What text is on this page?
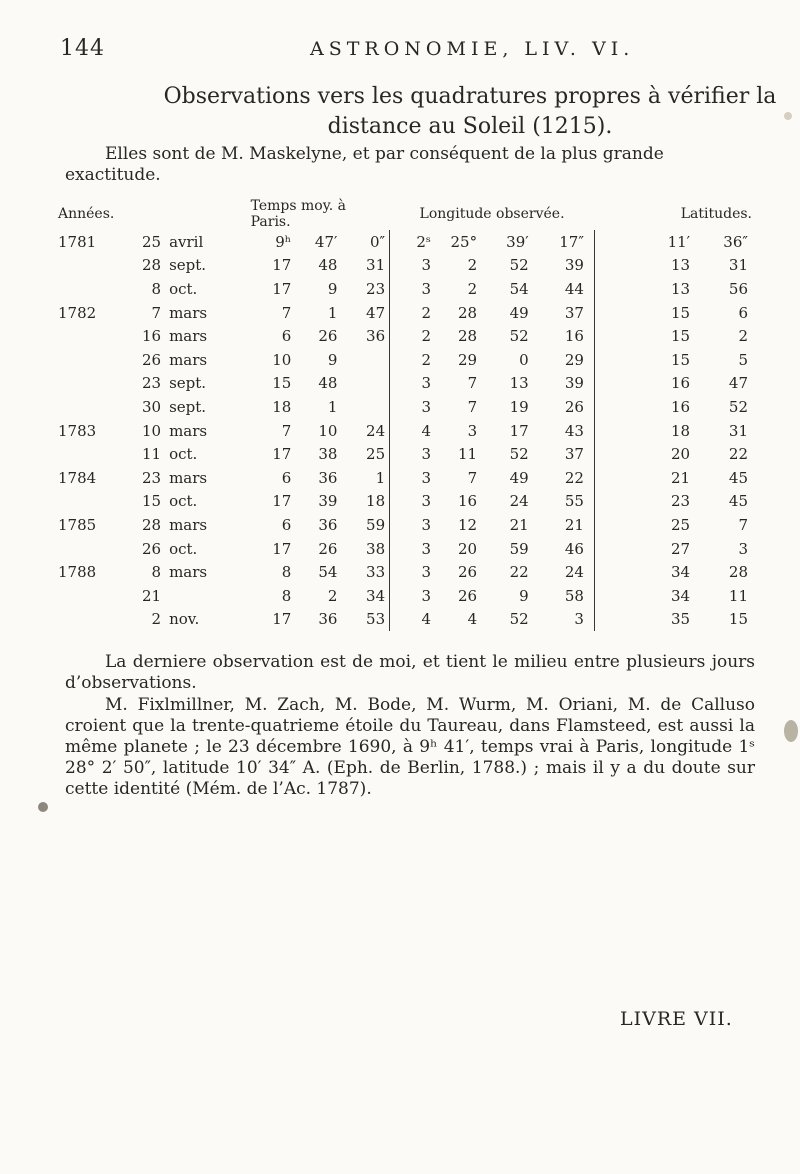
144	ASTRONOMIE, LIV. VI.
Observations vers les quadratures propres à vérifier la distance au Soleil (1215).
Elles sont de M. Maskelyne, et par conséquent de la plus grande exactitude.
Années.			Temps moy. à Paris.			Longitude observée.				Latitudes.	
1781	25	avril	9ʰ	47′	0″	2ˢ	25°	39′	17″	11′	36″
	28	sept.	17	48	31	3	2	52	39	13	31
	8	oct.	17	9	23	3	2	54	44	13	56
1782	7	mars	7	1	47	2	28	49	37	15	6
	16	mars	6	26	36	2	28	52	16	15	2
	26	mars	10	9		2	29	0	29	15	5
	23	sept.	15	48		3	7	13	39	16	47
	30	sept.	18	1		3	7	19	26	16	52
1783	10	mars	7	10	24	4	3	17	43	18	31
	11	oct.	17	38	25	3	11	52	37	20	22
1784	23	mars	6	36	1	3	7	49	22	21	45
	15	oct.	17	39	18	3	16	24	55	23	45
1785	28	mars	6	36	59	3	12	21	21	25	7
	26	oct.	17	26	38	3	20	59	46	27	3
1788	8	mars	8	54	33	3	26	22	24	34	28
	21		8	2	34	3	26	9	58	34	11
	2	nov.	17	36	53	4	4	52	3	35	15
La derniere observation est de moi, et tient le milieu entre plusieurs jours d’observations.
M. Fixlmillner, M. Zach, M. Bode, M. Wurm, M. Oriani, M. de Calluso croient que la trente-quatrieme étoile du Taureau, dans Flamsteed, est aussi la même planete ; le 23 décembre 1690, à 9ʰ 41′, temps vrai à Paris, longitude 1ˢ 28° 2′ 50″, latitude 10′ 34″ A. (Eph. de Berlin, 1788.) ; mais il y a du doute sur cette identité (Mém. de l’Ac. 1787).
LIVRE VII.
